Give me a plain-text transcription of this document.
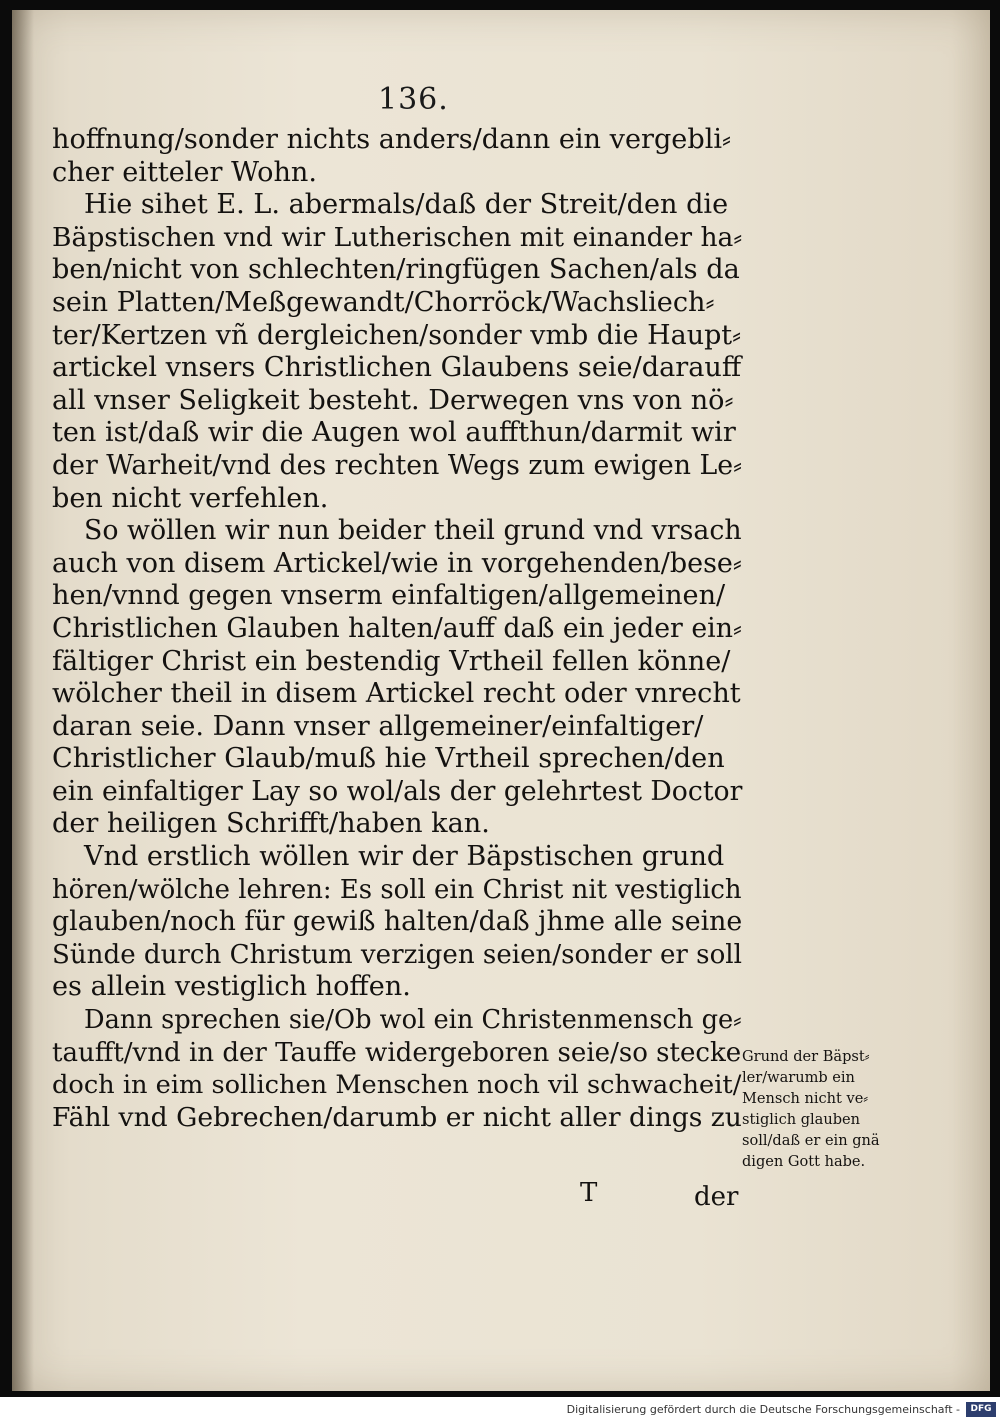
136.
hoffnung/sonder nichts anders/dann ein vergebli⸗
cher eitteler Wohn.
Hie sihet E. L. abermals/daß der Streit/den die
Bäpstischen vnd wir Lutherischen mit einander ha⸗
ben/nicht von schlechten/ringfügen Sachen/als da
sein Platten/Meßgewandt/Chorröck/Wachsliech⸗
ter/Kertzen vñ dergleichen/sonder vmb die Haupt⸗
artickel vnsers Christlichen Glaubens seie/darauff
all vnser Seligkeit besteht. Derwegen vns von nö⸗
ten ist/daß wir die Augen wol auffthun/darmit wir
der Warheit/vnd des rechten Wegs zum ewigen Le⸗
ben nicht verfehlen.
So wöllen wir nun beider theil grund vnd vrsach
auch von disem Artickel/wie in vorgehenden/bese⸗
hen/vnnd gegen vnserm einfaltigen/allgemeinen/
Christlichen Glauben halten/auff daß ein jeder ein⸗
fältiger Christ ein bestendig Vrtheil fellen könne/
wölcher theil in disem Artickel recht oder vnrecht
daran seie. Dann vnser allgemeiner/einfaltiger/
Christlicher Glaub/muß hie Vrtheil sprechen/den
ein einfaltiger Lay so wol/als der gelehrtest Doctor
der heiligen Schrifft/haben kan.
Vnd erstlich wöllen wir der Bäpstischen grund
hören/wölche lehren: Es soll ein Christ nit vestiglich
glauben/noch für gewiß halten/daß jhme alle seine
Sünde durch Christum verzigen seien/sonder er soll
es allein vestiglich hoffen.
Dann sprechen sie/Ob wol ein Christenmensch ge⸗
taufft/vnd in der Tauffe widergeboren seie/so stecke
doch in eim sollichen Menschen noch vil schwacheit/
Fähl vnd Gebrechen/darumb er nicht aller dings zu
Grund der Bäpst⸗
ler/warumb ein
Mensch nicht ve⸗
stiglich glauben
soll/daß er ein gnä
digen Gott habe.
T	der
Digitalisierung gefördert durch die Deutsche Forschungsgemeinschaft -	DFG
